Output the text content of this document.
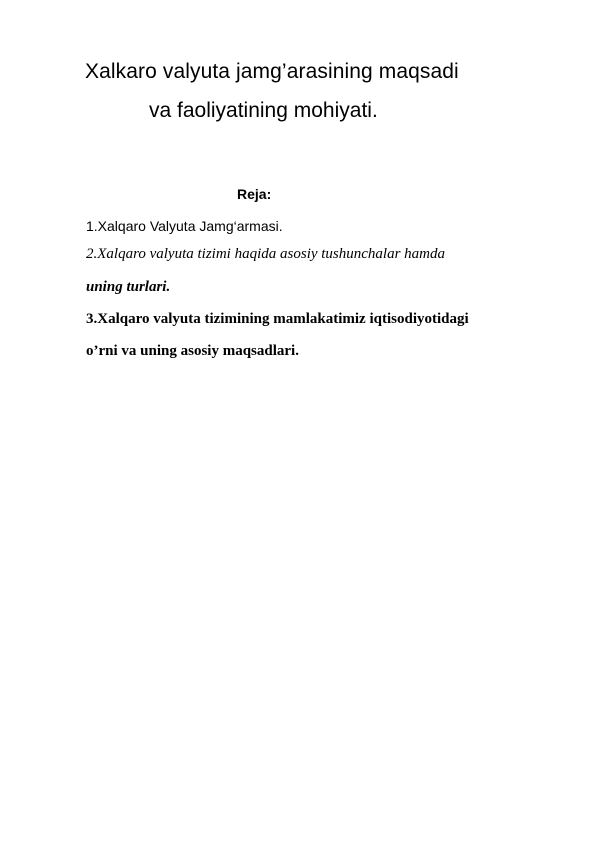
Xalkaro valyuta jamg’arasining maqsadi
va faoliyatining mohiyati.
Reja:
1.Xalqaro Valyuta Jamg‘armasi.
2.Xalqaro valyuta tizimi haqida asosiy tushunchalar hamda
uning turlari.
3.Xalqaro valyuta tizimining mamlakatimiz iqtisodiyotidagi
o’rni va uning asosiy maqsadlari.
